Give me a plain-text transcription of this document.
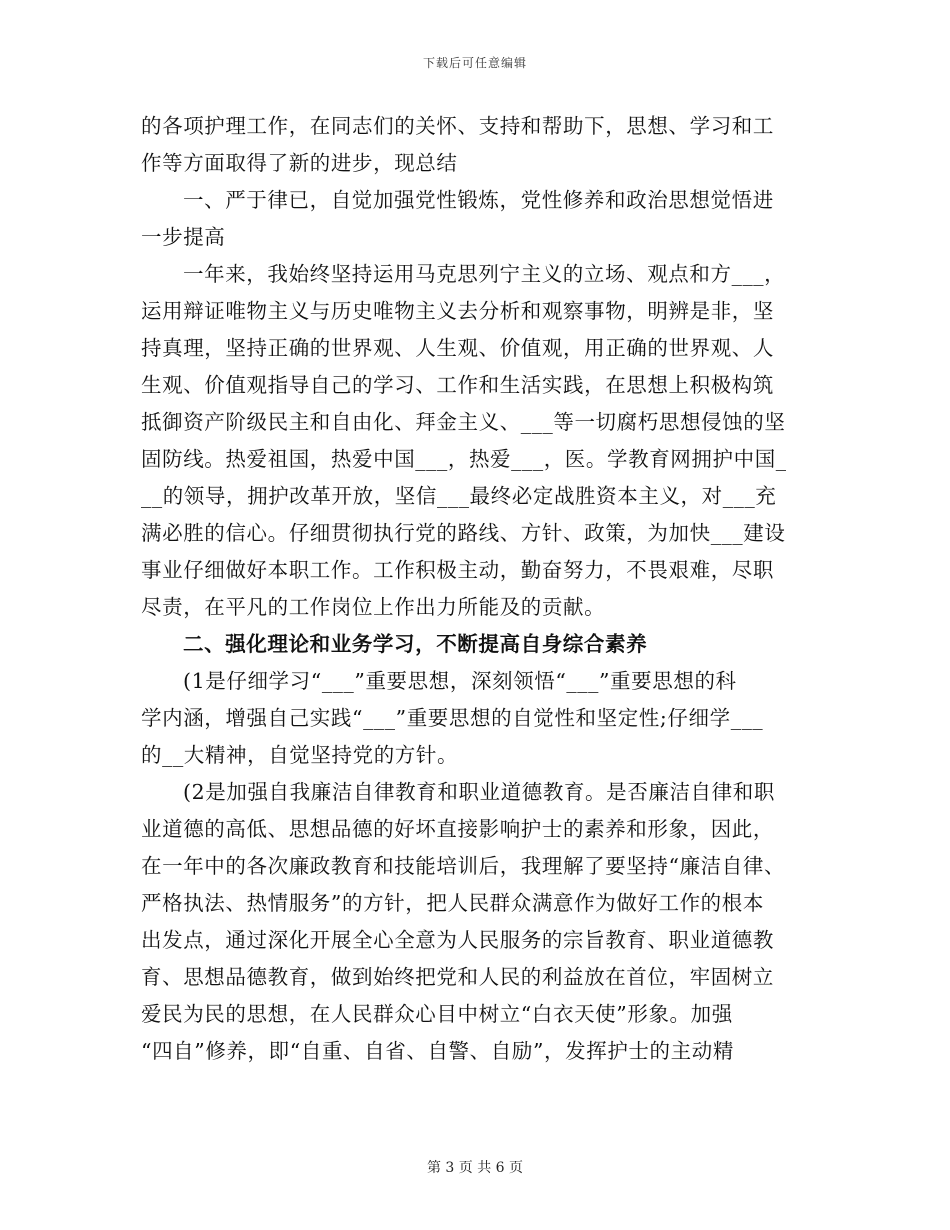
下载后可任意编辑
的各项护理工作，在同志们的关怀、支持和帮助下，思想、学习和工
作等方面取得了新的进步，现总结
一、严于律已，自觉加强党性锻炼，党性修养和政治思想觉悟进
一步提高
一年来，我始终坚持运用马克思列宁主义的立场、观点和方___，
运用辩证唯物主义与历史唯物主义去分析和观察事物，明辨是非，坚
持真理，坚持正确的世界观、人生观、价值观，用正确的世界观、人
生观、价值观指导自己的学习、工作和生活实践，在思想上积极构筑
抵御资产阶级民主和自由化、拜金主义、___等一切腐朽思想侵蚀的坚
固防线。热爱祖国，热爱中国___，热爱___，医。学教育网拥护中国_
__的领导，拥护改革开放，坚信___最终必定战胜资本主义，对___充
满必胜的信心。仔细贯彻执行党的路线、方针、政策，为加快___建设
事业仔细做好本职工作。工作积极主动，勤奋努力，不畏艰难，尽职
尽责，在平凡的工作岗位上作出力所能及的贡献。
二、强化理论和业务学习，不断提高自身综合素养
(1是仔细学习“___”重要思想，深刻领悟“___”重要思想的科
学内涵，增强自己实践“___”重要思想的自觉性和坚定性;仔细学___
的__大精神，自觉坚持党的方针。
(2是加强自我廉洁自律教育和职业道德教育。是否廉洁自律和职
业道德的高低、思想品德的好坏直接影响护士的素养和形象，因此，
在一年中的各次廉政教育和技能培训后，我理解了要坚持“廉洁自律、
严格执法、热情服务”的方针，把人民群众满意作为做好工作的根本
出发点，通过深化开展全心全意为人民服务的宗旨教育、职业道德教
育、思想品德教育，做到始终把党和人民的利益放在首位，牢固树立
爱民为民的思想，在人民群众心目中树立“白衣天使”形象。加强
“四自”修养，即“自重、自省、自警、自励”，发挥护士的主动精
第 3 页 共 6 页
